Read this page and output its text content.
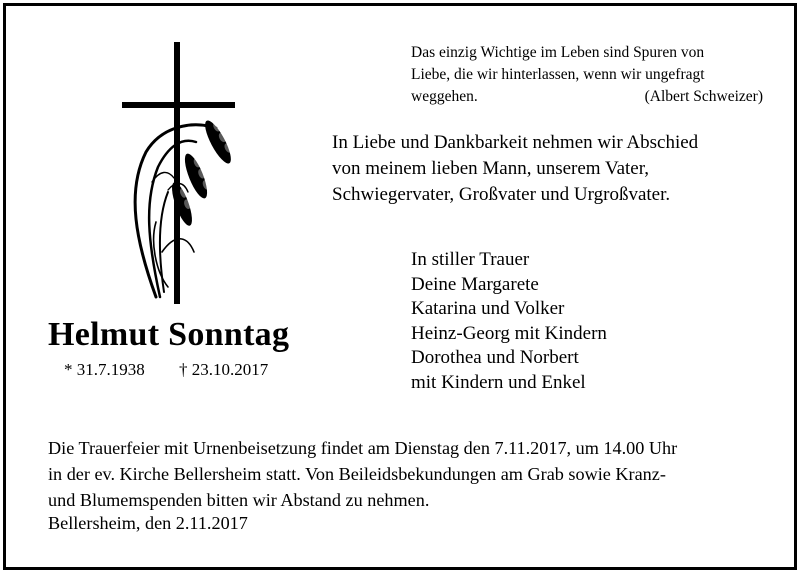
Das einzig Wichtige im Leben sind Spuren von
Liebe, die wir hinterlassen, wenn wir ungefragt
weggehen.	(Albert Schweizer)
In Liebe und Dankbarkeit nehmen wir Abschied
von meinem lieben Mann, unserem Vater,
Schwiegervater, Großvater und Urgroßvater.
In stiller Trauer
Deine Margarete
Katarina und Volker
Heinz-Georg mit Kindern
Dorothea und Norbert
mit Kindern und Enkel
Helmut Sonntag
* 31.7.1938 † 23.10.2017
Die Trauerfeier mit Urnenbeisetzung findet am Dienstag den 7.11.2017, um 14.00 Uhr
in der ev. Kirche Bellersheim statt. Von Beileidsbekundungen am Grab sowie Kranz-
und Blumemspenden bitten wir Abstand zu nehmen.
Bellersheim, den 2.11.2017
